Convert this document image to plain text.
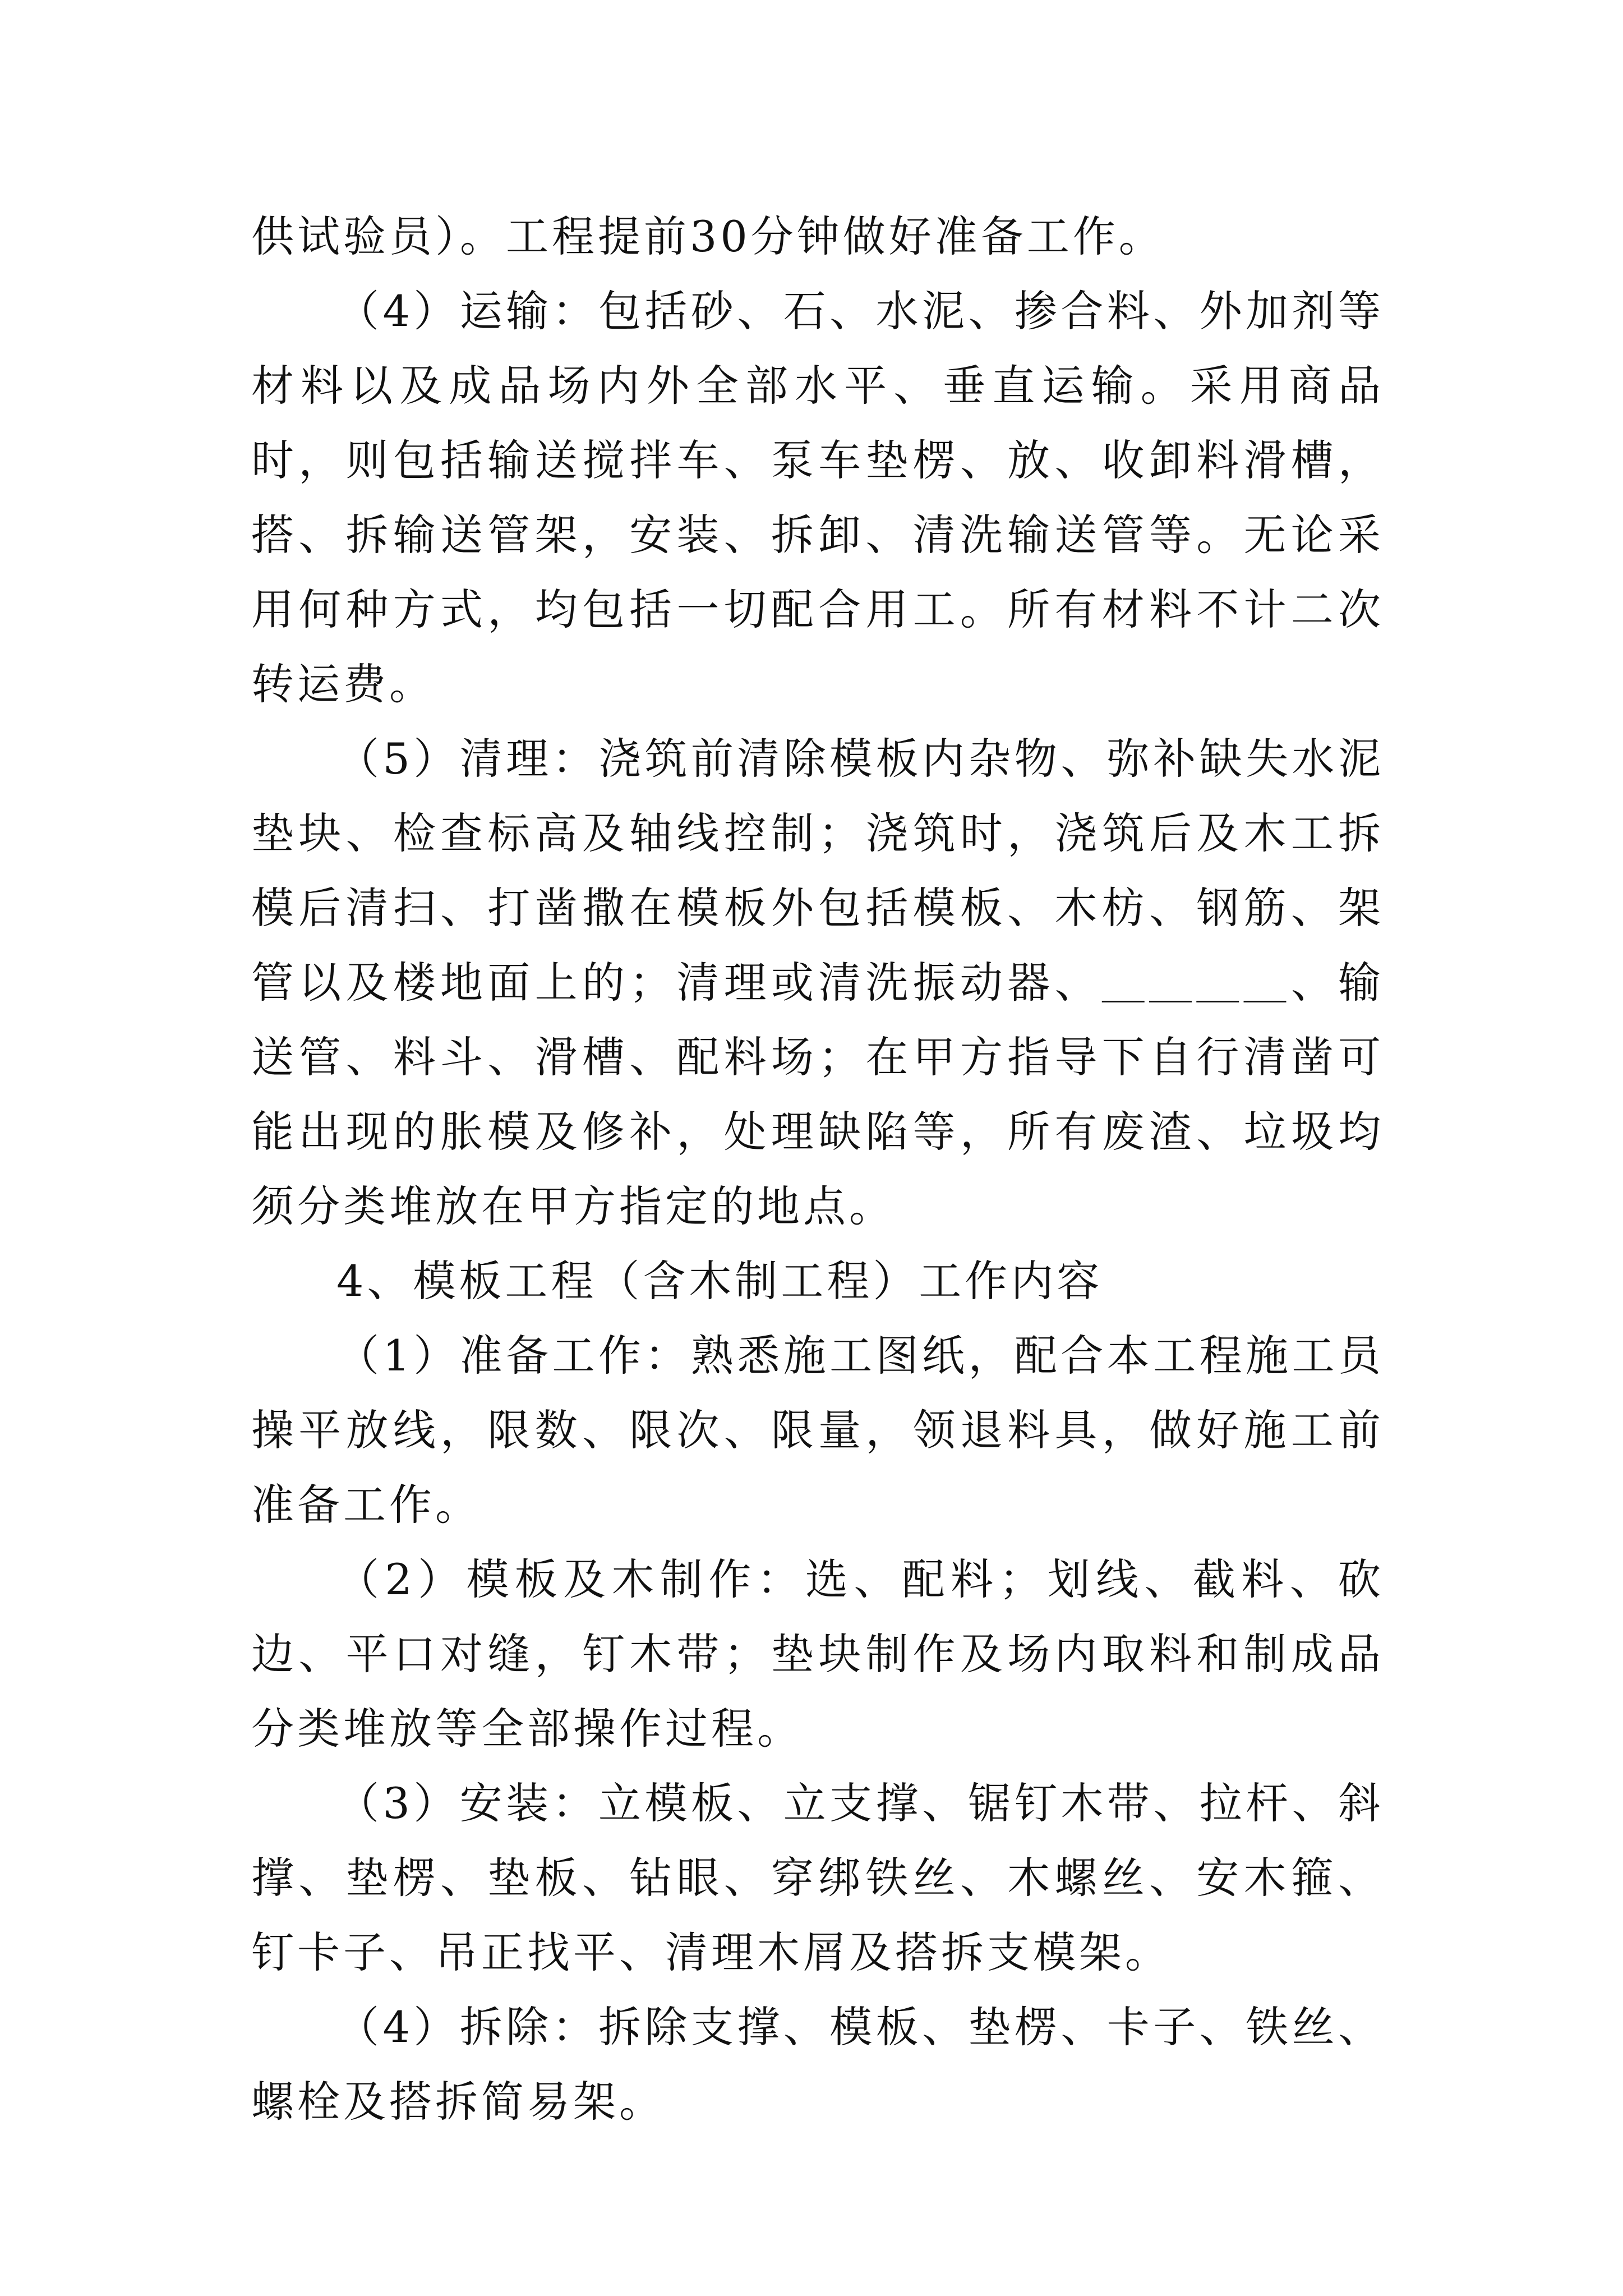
供试验员）。工程提前30分钟做好准备工作。

（4）运输：包括砂、石、水泥、掺合料、外加剂等材料以及成品场内外全部水平、垂直运输。采用商品时，则包括输送搅拌车、泵车垫楞、放、收卸料滑槽，搭、拆输送管架，安装、拆卸、清洗输送管等。无论采用何种方式，均包括一切配合用工。所有材料不计二次转运费。

（5）清理：浇筑前清除模板内杂物、弥补缺失水泥垫块、检查标高及轴线控制；浇筑时，浇筑后及木工拆模后清扫、打凿撒在模板外包括模板、木枋、钢筋、架管以及楼地面上的；清理或清洗振动器、＿＿＿＿、输送管、料斗、滑槽、配料场；在甲方指导下自行清凿可能出现的胀模及修补，处理缺陷等，所有废渣、垃圾均须分类堆放在甲方指定的地点。

4、模板工程（含木制工程）工作内容

（1）准备工作：熟悉施工图纸，配合本工程施工员操平放线，限数、限次、限量，领退料具，做好施工前准备工作。

（2）模板及木制作：选、配料；划线、截料、砍边、平口对缝，钉木带；垫块制作及场内取料和制成品分类堆放等全部操作过程。

（3）安装：立模板、立支撑、锯钉木带、拉杆、斜撑、垫楞、垫板、钻眼、穿绑铁丝、木螺丝、安木箍、钉卡子、吊正找平、清理木屑及搭拆支模架。

（4）拆除：拆除支撑、模板、垫楞、卡子、铁丝、螺栓及搭拆简易架。
